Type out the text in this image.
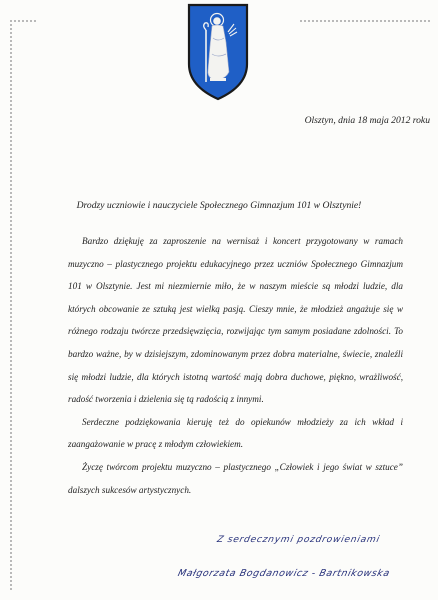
Olsztyn, dnia 18 maja 2012 roku
Drodzy uczniowie i nauczyciele Społecznego Gimnazjum 101 w Olsztynie!

Bardzo dziękuję za zaproszenie na wernisaż i koncert przygotowany w ramach muzyczno – plastycznego projektu edukacyjnego przez uczniów Społecznego Gimnazjum 101 w Olsztynie. Jest mi niezmiernie miło, że w naszym mieście są młodzi ludzie, dla których obcowanie ze sztuką jest wielką pasją. Cieszy mnie, że młodzież angażuje się w różnego rodzaju twórcze przedsięwzięcia, rozwijając tym samym posiadane zdolności. To bardzo ważne, by w dzisiejszym, zdominowanym przez dobra materialne, świecie, znaleźli się młodzi ludzie, dla których istotną wartość mają dobra duchowe, piękno, wrażliwość, radość tworzenia i dzielenia się tą radością z innymi.

Serdeczne podziękowania kieruję też do opiekunów młodzieży za ich wkład i zaangażowanie w pracę z młodym człowiekiem.

Życzę twórcom projektu muzyczno – plastycznego „Człowiek i jego świat w sztuce” dalszych sukcesów artystycznych.

Z serdecznymi pozdrowieniami
Małgorzata Bogdanowicz - Bartnikowska
